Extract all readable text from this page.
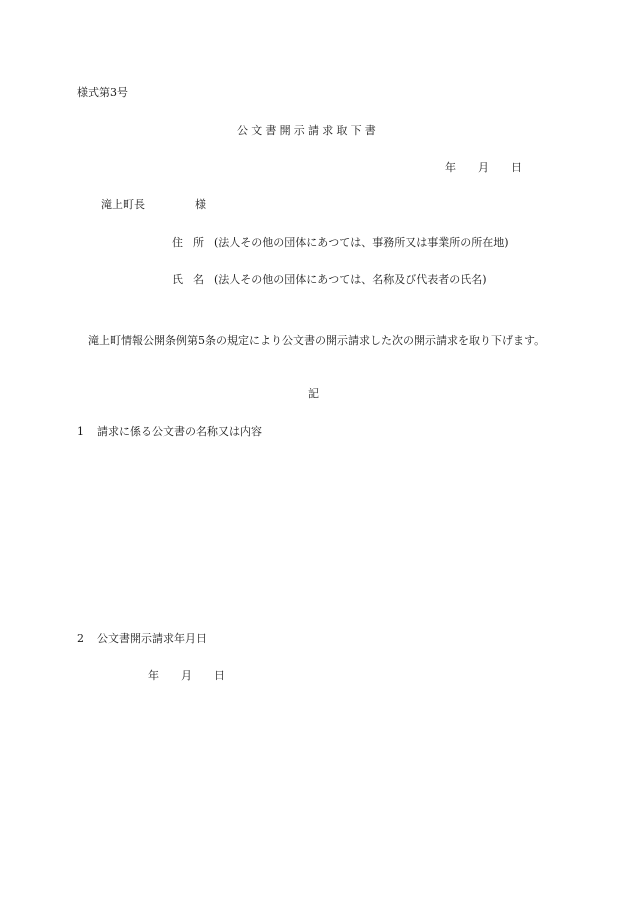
様式第3号
公文書開示請求取下書
年 月 日
滝上町長	様
住所(法人その他の団体にあつては、事務所又は事業所の所在地)
氏名(法人その他の団体にあつては、名称及び代表者の氏名)

滝上町情報公開条例第5条の規定により公文書の開示請求した次の開示請求を取り下げます。

記
1 請求に係る公文書の名称又は内容
2 公文書開示請求年月日
年 月 日
